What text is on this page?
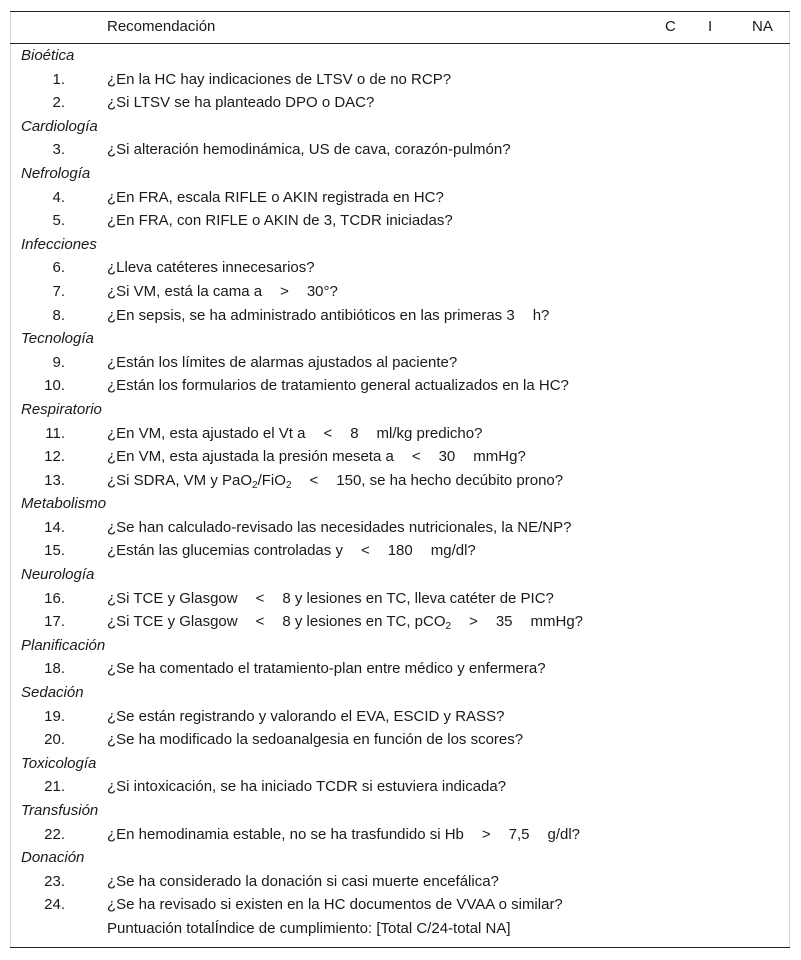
Recomendación	C I	NA
Bioética
1.	¿En la HC hay indicaciones de LTSV o de no RCP?
2.	¿Si LTSV se ha planteado DPO o DAC?
Cardiología
3.	¿Si alteración hemodinámica, US de cava, corazón-pulmón?
Nefrología
4.	¿En FRA, escala RIFLE o AKIN registrada en HC?
5.	¿En FRA, con RIFLE o AKIN de 3, TCDR iniciadas?
Infecciones
6.	¿Lleva catéteres innecesarios?
7.	¿Si VM, está la cama a > 30°?
8.	¿En sepsis, se ha administrado antibióticos en las primeras 3 h?
Tecnología
9.	¿Están los límites de alarmas ajustados al paciente?
10.	¿Están los formularios de tratamiento general actualizados en la HC?
Respiratorio
11.	¿En VM, esta ajustado el Vt a < 8 ml/kg predicho?
12.	¿En VM, esta ajustada la presión meseta a < 30 mmHg?
13.	¿Si SDRA, VM y PaO$_2$/FiO$_2$ < 150, se ha hecho decúbito prono?
Metabolismo
14.	¿Se han calculado-revisado las necesidades nutricionales, la NE/NP?
15.	¿Están las glucemias controladas y < 180 mg/dl?
Neurología
16.	¿Si TCE y Glasgow < 8 y lesiones en TC, lleva catéter de PIC?
17.	¿Si TCE y Glasgow < 8 y lesiones en TC, pCO$_2$ > 35 mmHg?
Planificación
18.	¿Se ha comentado el tratamiento-plan entre médico y enfermera?
Sedación
19.	¿Se están registrando y valorando el EVA, ESCID y RASS?
20.	¿Se ha modificado la sedoanalgesia en función de los scores?
Toxicología
21.	¿Si intoxicación, se ha iniciado TCDR si estuviera indicada?
Transfusión
22.	¿En hemodinamia estable, no se ha trasfundido si Hb > 7,5 g/dl?
Donación
23.	¿Se ha considerado la donación si casi muerte encefálica?
24.	¿Se ha revisado si existen en la HC documentos de VVAA o similar?
Puntuación totalÍndice de cumplimiento: [Total C/24-total NA]
